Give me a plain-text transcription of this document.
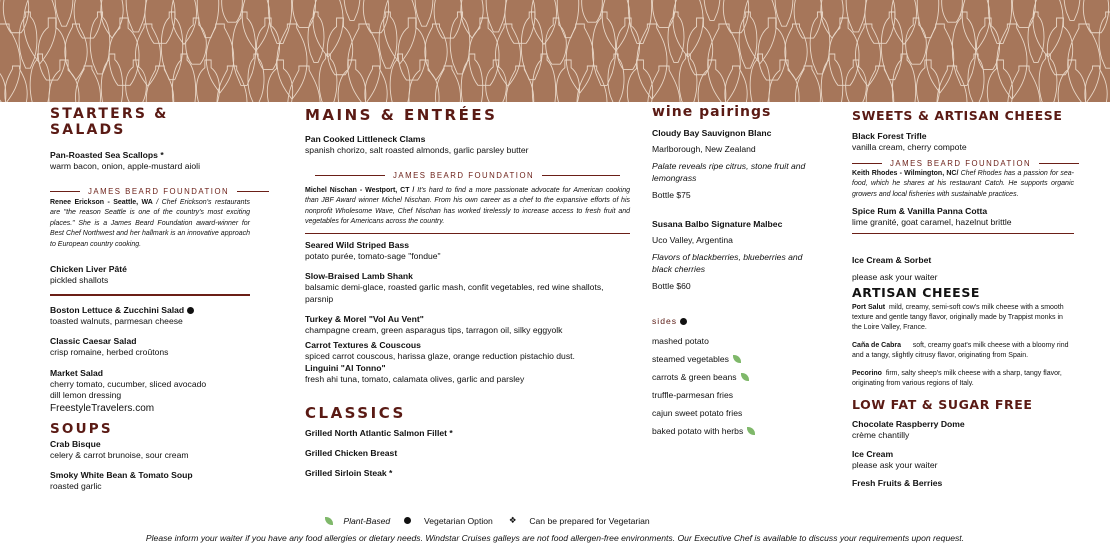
STARTERS & SALADS
Pan-Roasted Sea Scallops *
warm bacon, onion, apple-mustard aioli
JAMES BEARD FOUNDATION
Renee Erickson - Seattle, WA / Chef Erickson's restaurants are "the reason Seattle is one of the country's most exciting places." She is a James Beard Foundation award-winner for Best Chef Northwest and her hallmark is an innovative approach to European country cooking.
Chicken Liver Pâté
pickled shallots
Boston Lettuce & Zucchini Salad
toasted walnuts, parmesan cheese
Classic Caesar Salad
crisp romaine, herbed croûtons
Market Salad
cherry tomato, cucumber, sliced avocado
dill lemon dressing
FreestyleTravelers.com
SOUPS
Crab Bisque
celery & carrot brunoise, sour cream
Smoky White Bean & Tomato Soup
roasted garlic
MAINS & ENTRÉES
Pan Cooked Littleneck Clams
spanish chorizo, salt roasted almonds, garlic parsley butter
JAMES BEARD FOUNDATION
Michel Nischan - Westport, CT / It's hard to find a more passionate advocate for American cooking than JBF Award winner Michel Nischan. From his own career as a chef to the expansive efforts of his nonprofit Wholesome Wave, Chef Nischan has worked tirelessly to increase access to fresh fruit and vegetables for Americans across the country.
Seared Wild Striped Bass
potato purée, tomato-sage "fondue"
Slow-Braised Lamb Shank
balsamic demi-glace, roasted garlic mash, confit vegetables, red wine shallots, parsnip
Turkey & Morel "Vol Au Vent"
champagne cream, green asparagus tips, tarragon oil, silky eggyolk
Carrot Textures & Couscous
spiced carrot couscous, harissa glaze, orange reduction pistachio dust.
Linguini "Al Tonno"
fresh ahi tuna, tomato, calamata olives, garlic and parsley
CLASSICS
Grilled North Atlantic Salmon Fillet *
Grilled Chicken Breast
Grilled Sirloin Steak *
wine pairings
Cloudy Bay Sauvignon Blanc
Marlborough, New Zealand
Palate reveals ripe citrus, stone fruit and lemongrass
Bottle $75
Susana Balbo Signature Malbec
Uco Valley, Argentina
Flavors of blackberries, blueberries and black cherries
Bottle $60
sides
mashed potato
steamed vegetables
carrots & green beans
truffle-parmesan fries
cajun sweet potato fries
baked potato with herbs
SWEETS & ARTISAN CHEESE
Black Forest Trifle
vanilla cream, cherry compote
JAMES BEARD FOUNDATION
Keith Rhodes - Wilmington, NC/ Chef Rhodes has a passion for sea-food, which he shares at his restaurant Catch. He supports organic growers and local fisheries with sustainable practices.
Spice Rum & Vanilla Panna Cotta
lime granité, goat caramel, hazelnut brittle
Ice Cream & Sorbet
please ask your waiter
ARTISAN CHEESE
Port Salut mild, creamy, semi-soft cow's milk cheese with a smooth texture and gentle tangy flavor, originally made by Trappist monks in the Loire Valley, France.
Caña de Cabra soft, creamy goat's milk cheese with a bloomy rind and a tangy, slightly citrusy flavor, originating from Spain.
Pecorino firm, salty sheep's milk cheese with a sharp, tangy flavor, originating from various regions of Italy.
LOW FAT & SUGAR FREE
Chocolate Raspberry Dome
crème chantilly
Ice Cream
please ask your waiter
Fresh Fruits & Berries

Plant-Based
	Vegetarian Option ❖
Can be prepared for Vegetarian
Please inform your waiter if you have any food allergies or dietary needs. Windstar Cruises galleys are not food allergen-free environments. Our Executive Chef is available to discuss your requirements upon request.
